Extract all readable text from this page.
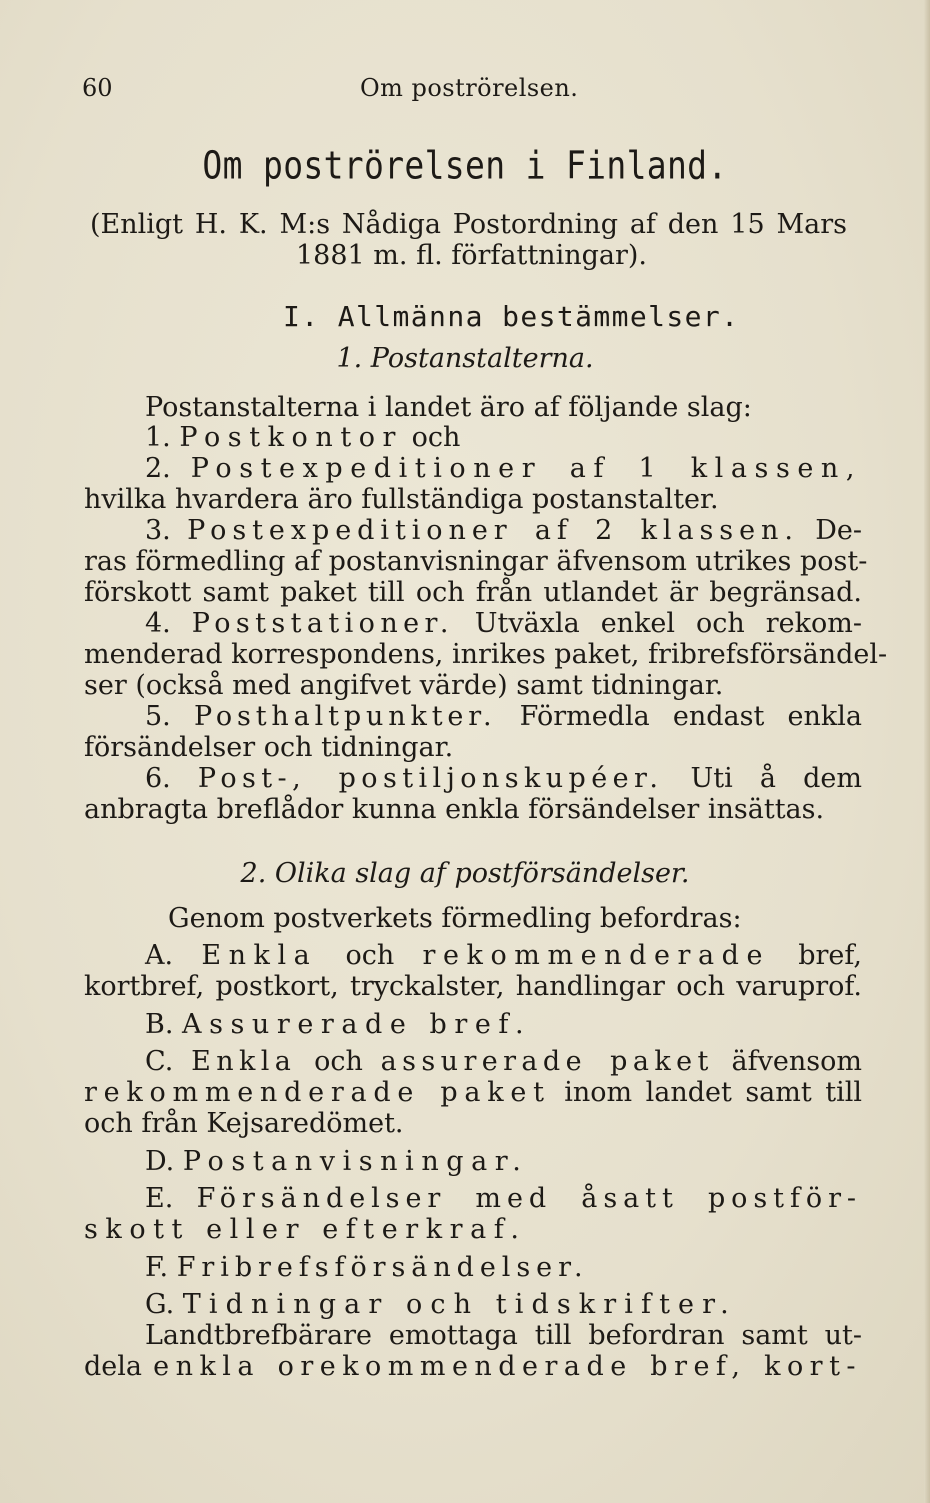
60	Om poströrelsen.
Om poströrelsen i Finland.
(Enligt H. K. M:s Nådiga Postordning af den 15 Mars
1881 m. fl. författningar).
I. Allmänna bestämmelser.
1. Postanstalterna.
Postanstalterna i landet äro af följande slag:
1. Postkontor och
2. Postexpeditioner af 1 klassen,
hvilka hvardera äro fullständiga postanstalter.
3. Postexpeditioner af 2 klassen. De-
ras förmedling af postanvisningar äfvensom utrikes post-
förskott samt paket till och från utlandet är begränsad.
4. Poststationer. Utväxla enkel och rekom-
menderad korrespondens, inrikes paket, fribrefsförsändel-
ser (också med angifvet värde) samt tidningar.
5. Posthaltpunkter. Förmedla endast enkla
försändelser och tidningar.
6. Post-, postiljonskupéer. Uti å dem
anbragta breflådor kunna enkla försändelser insättas.
2. Olika slag af postförsändelser.
Genom postverkets förmedling befordras:
A. Enkla och rekommenderade bref,
kortbref, postkort, tryckalster, handlingar och varuprof.
B. Assurerade bref.
C. Enkla och assurerade paket äfvensom
rekommenderade paket inom landet samt till
och från Kejsaredömet.
D. Postanvisningar.
E. Försändelser med åsatt postför-
skott eller efterkraf.
F. Fribrefsförsändelser.
G. Tidningar och tidskrifter.
Landtbrefbärare emottaga till befordran samt ut-
dela enkla orekommenderade bref, kort-
